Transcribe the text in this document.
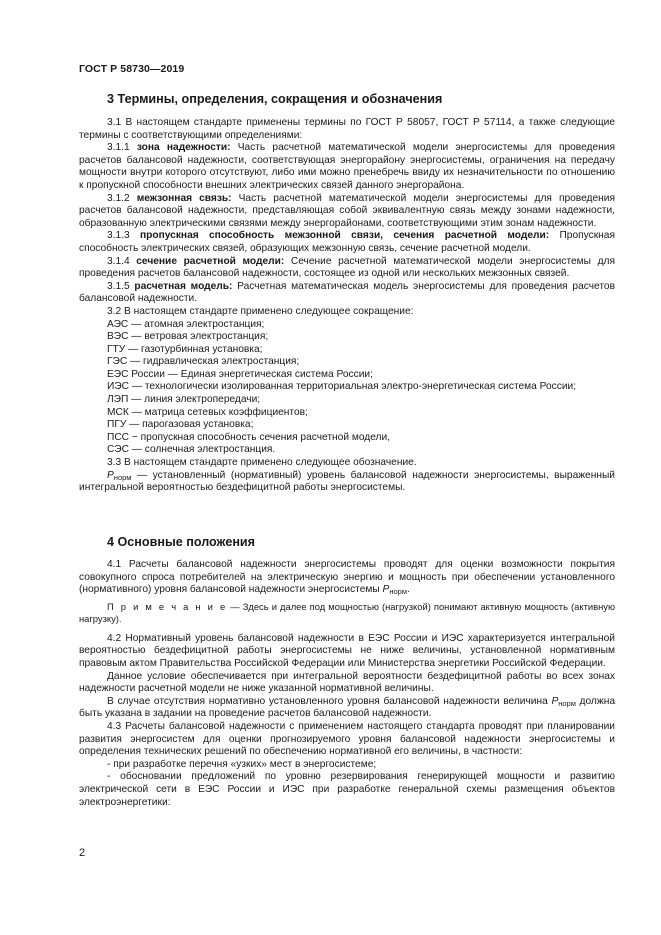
ГОСТ Р 58730—2019
3 Термины, определения, сокращения и обозначения

3.1 В настоящем стандарте применены термины по ГОСТ Р 58057, ГОСТ Р 57114, а также следующие термины с соответствующими определениями:

3.1.1 зона надежности: Часть расчетной математической модели энергосистемы для проведения расчетов балансовой надежности, соответствующая энергорайону энергосистемы, ограничения на передачу мощности внутри которого отсутствуют, либо ими можно пренебречь ввиду их незначительности по отношению к пропускной способности внешних электрических связей данного энергорайона.

3.1.2 межзонная связь: Часть расчетной математической модели энергосистемы для проведения расчетов балансовой надежности, представляющая собой эквивалентную связь между зонами надежности, образованную электрическими связями между энергорайонами, соответствующими этим зонам надежности.

3.1.3 пропускная способность межзонной связи, сечения расчетной модели: Пропускная способность электрических связей, образующих межзонную связь, сечение расчетной модели.

3.1.4 сечение расчетной модели: Сечение расчетной математической модели энергосистемы для проведения расчетов балансовой надежности, состоящее из одной или нескольких межзонных связей.

3.1.5 расчетная модель: Расчетная математическая модель энергосистемы для проведения расчетов балансовой надежности.

3.2 В настоящем стандарте применено следующее сокращение:

АЭС — атомная электростанция;

ВЭС — ветровая электростанция;

ГТУ — газотурбинная установка;

ГЭС — гидравлическая электростанция;

ЕЭС России — Единая энергетическая система России;

ИЭС — технологически изолированная территориальная электро-энергетическая система России;

ЛЭП — линия электропередачи;

МСК — матрица сетевых коэффициентов;

ПГУ — парогазовая установка;

ПСС − пропускная способность сечения расчетной модели,

СЭС — солнечная электростанция.

3.3 В настоящем стандарте применено следующее обозначение.

$P_{норм}$ — установленный (нормативный) уровень балансовой надежности энергосистемы, выраженный интегральной вероятностью бездефицитной работы энергосистемы.

4 Основные положения

4.1 Расчеты балансовой надежности энергосистемы проводят для оценки возможности покрытия совокупного спроса потребителей на электрическую энергию и мощность при обеспечении установленного (нормативного) уровня балансовой надежности энергосистемы $P_{норм}$.

П р и м е ч а н и е — Здесь и далее под мощностью (нагрузкой) понимают активную мощность (активную нагрузку).

4.2 Нормативный уровень балансовой надежности в ЕЭС России и ИЭС характеризуется интегральной вероятностью бездефицитной работы энергосистемы не ниже величины, установленной нормативным правовым актом Правительства Российской Федерации или Министерства энергетики Российской Федерации.

Данное условие обеспечивается при интегральной вероятности бездефицитной работы во всех зонах надежности расчетной модели не ниже указанной нормативной величины.

В случае отсутствия нормативно установленного уровня балансовой надежности величина $P_{норм}$ должна быть указана в задании на проведение расчетов балансовой надежности.

4.3 Расчеты балансовой надежности с применением настоящего стандарта проводят при планировании развития энергосистем для оценки прогнозируемого уровня балансовой надежности энергосистемы и определения технических решений по обеспечению нормативной его величины, в частности:

- при разработке перечня «узких» мест в энергосистеме;

- обосновании предложений по уровню резервирования генерирующей мощности и развитию электрической сети в ЕЭС России и ИЭС при разработке генеральной схемы размещения объектов электроэнергетики:

2
